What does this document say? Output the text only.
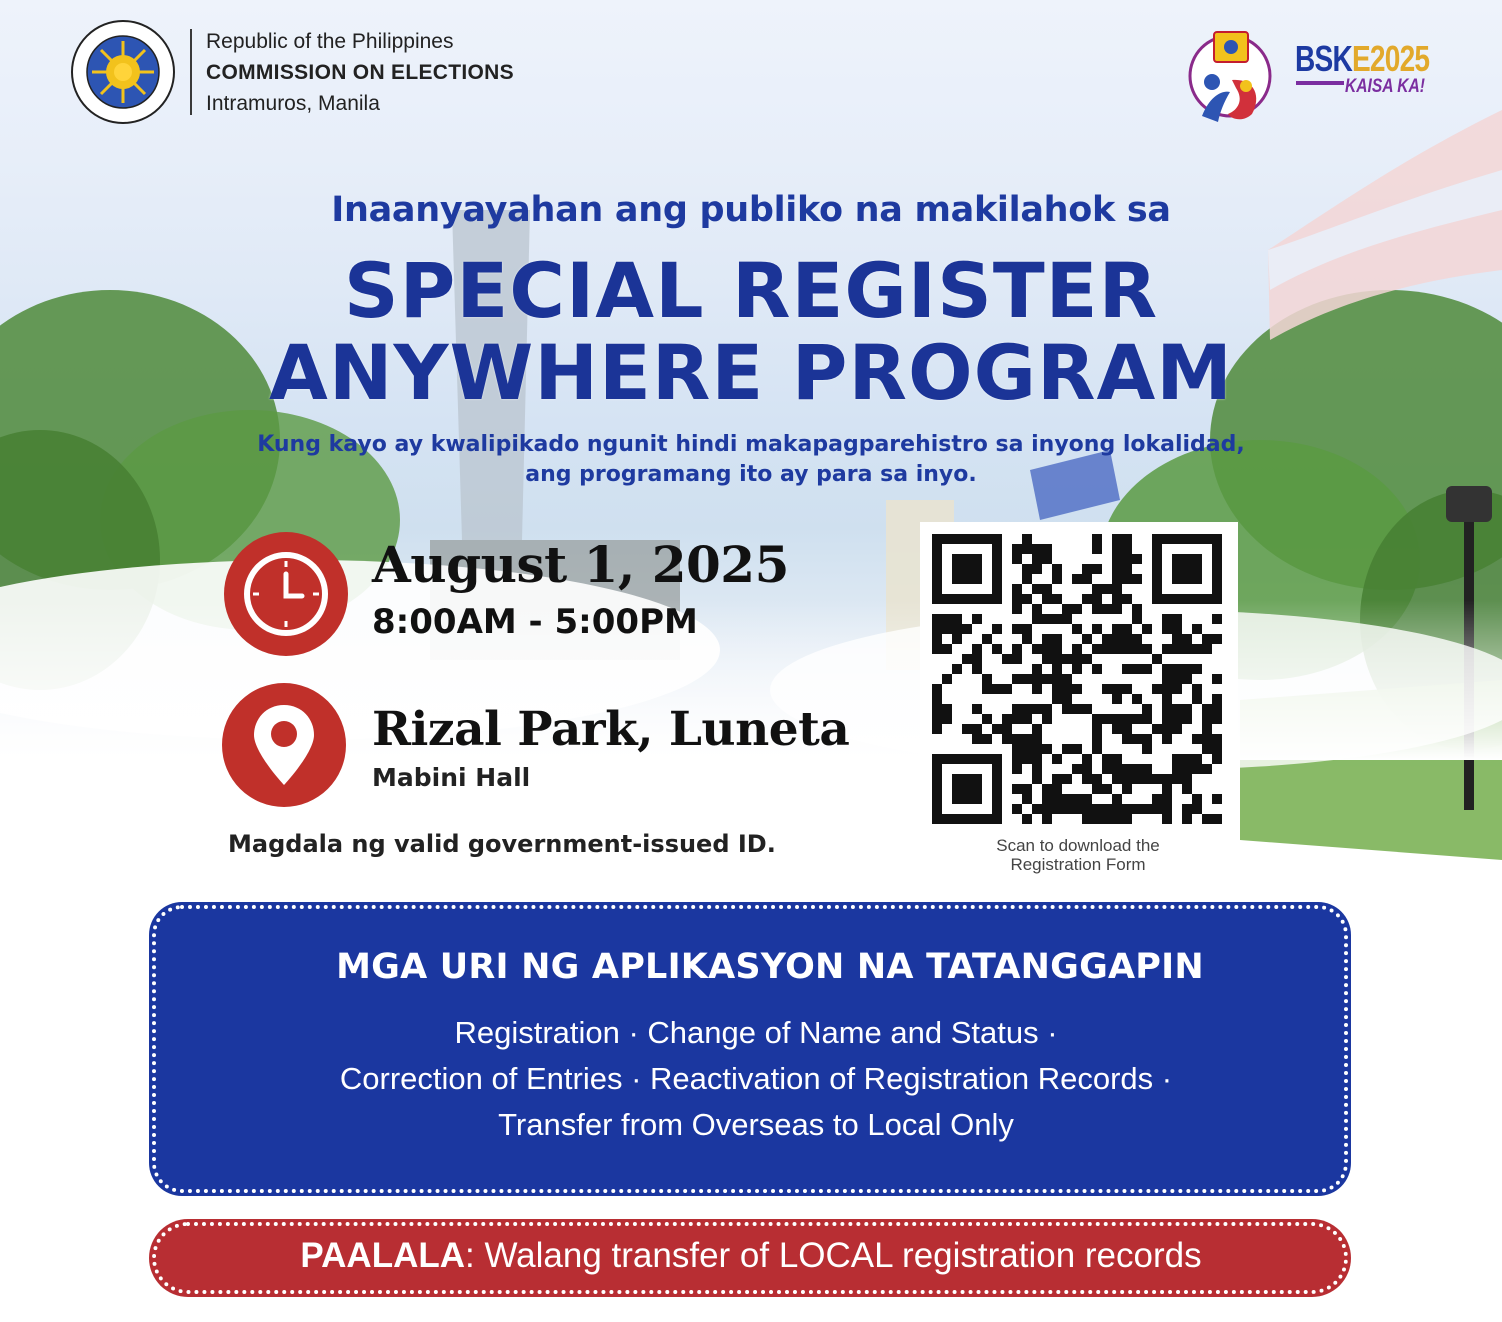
Republic of the Philippines
COMMISSION ON ELECTIONS
Intramuros, Manila
BSKE2025
KAISA KA!
Inaanyayahan ang publiko na makilahok sa
SPECIAL REGISTER
ANYWHERE PROGRAM
Kung kayo ay kwalipikado ngunit hindi makapagparehistro sa inyong lokalidad,
ang programang ito ay para sa inyo.
August 1, 2025
8:00AM - 5:00PM
Rizal Park, Luneta
Mabini Hall
Magdala ng valid government-issued ID.	Scan to download the
Registration Form
MGA URI NG APLIKASYON NA TATANGGAPIN
Registration · Change of Name and Status ·
Correction of Entries · Reactivation of Registration Records ·
Transfer from Overseas to Local Only
PAALALA: Walang transfer of LOCAL registration records
